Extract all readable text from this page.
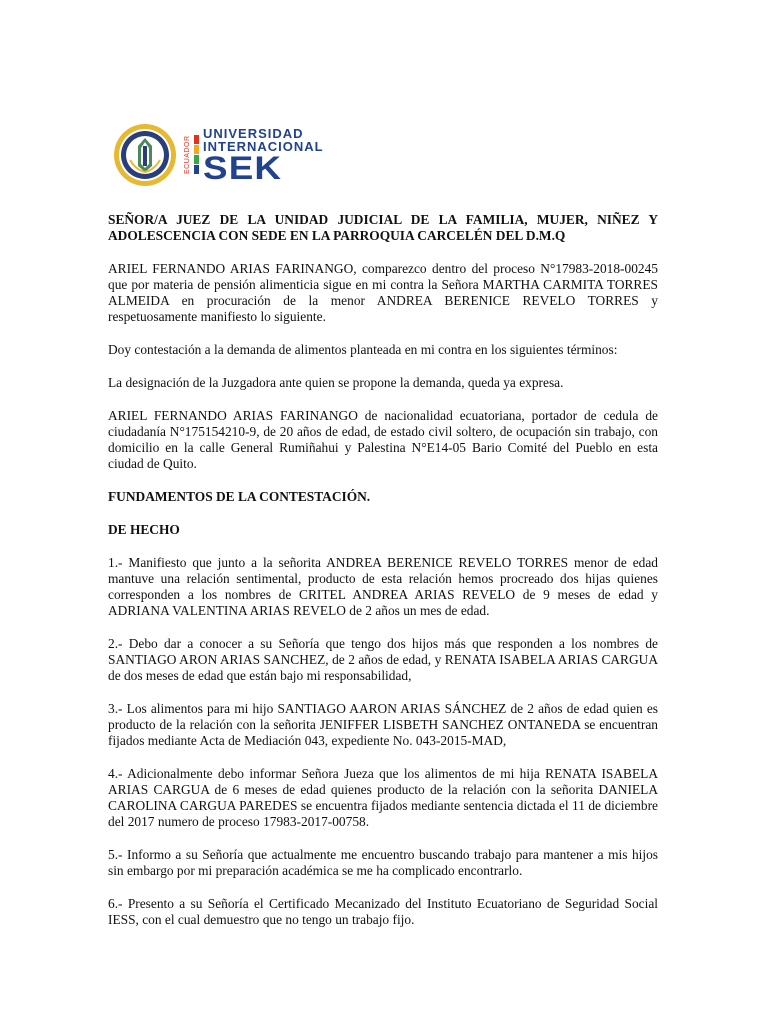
ECUADOR
UNIVERSIDAD
INTERNACIONAL
SEK
SEÑOR/A JUEZ DE LA UNIDAD JUDICIAL DE LA FAMILIA, MUJER, NIÑEZ Y ADOLESCENCIA CON SEDE EN LA PARROQUIA CARCELÉN DEL D.M.Q

ARIEL FERNANDO ARIAS FARINANGO, comparezco dentro del proceso N°17983-2018-00245 que por materia de pensión alimenticia sigue en mi contra la Señora MARTHA CARMITA TORRES ALMEIDA en procuración de la menor ANDREA BERENICE REVELO TORRES y respetuosamente manifiesto lo siguiente.

Doy contestación a la demanda de alimentos planteada en mi contra en los siguientes términos:

La designación de la Juzgadora ante quien se propone la demanda, queda ya expresa.

ARIEL FERNANDO ARIAS FARINANGO de nacionalidad ecuatoriana, portador de cedula de ciudadanía N°175154210-9, de 20 años de edad, de estado civil soltero, de ocupación sin trabajo, con domicilio en la calle General Rumiñahui y Palestina N°E14-05 Bario Comité del Pueblo en esta ciudad de Quito.

FUNDAMENTOS DE LA CONTESTACIÓN.
DE HECHO

1.- Manifiesto que junto a la señorita ANDREA BERENICE REVELO TORRES menor de edad mantuve una relación sentimental, producto de esta relación hemos procreado dos hijas quienes corresponden a los nombres de CRITEL ANDREA ARIAS REVELO de 9 meses de edad y ADRIANA VALENTINA ARIAS REVELO de 2 años un mes de edad.

2.- Debo dar a conocer a su Señoría que tengo dos hijos más que responden a los nombres de SANTIAGO ARON ARIAS SANCHEZ, de 2 años de edad, y RENATA ISABELA ARIAS CARGUA de dos meses de edad que están bajo mi responsabilidad,

3.- Los alimentos para mi hijo SANTIAGO AARON ARIAS SÁNCHEZ de 2 años de edad quien es producto de la relación con la señorita JENIFFER LISBETH SANCHEZ ONTANEDA se encuentran fijados mediante Acta de Mediación 043, expediente No. 043-2015-MAD,

4.- Adicionalmente debo informar Señora Jueza que los alimentos de mi hija RENATA ISABELA ARIAS CARGUA de 6 meses de edad quienes producto de la relación con la señorita DANIELA CAROLINA CARGUA PAREDES se encuentra fijados mediante sentencia dictada el 11 de diciembre del 2017 numero de proceso 17983-2017-00758.

5.- Informo a su Señoría que actualmente me encuentro buscando trabajo para mantener a mis hijos sin embargo por mi preparación académica se me ha complicado encontrarlo.

6.- Presento a su Señoría el Certificado Mecanizado del Instituto Ecuatoriano de Seguridad Social IESS, con el cual demuestro que no tengo un trabajo fijo.
